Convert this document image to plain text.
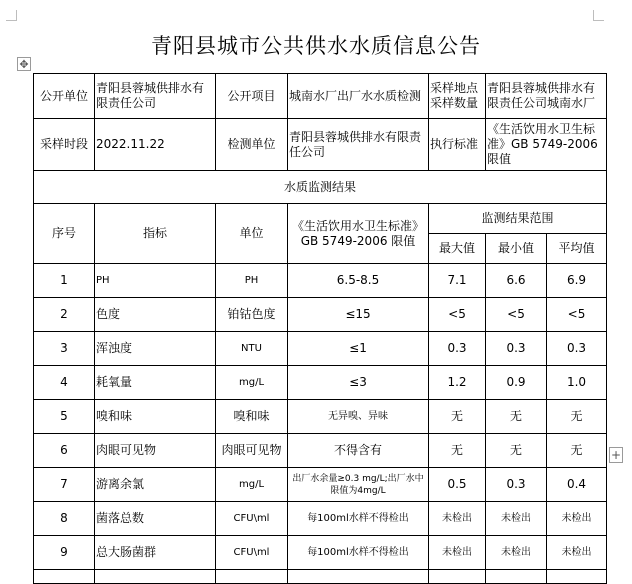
✥
+
青阳县城市公共供水水质信息公告
公开单位	青阳县蓉城供排水有限责任公司	公开项目	城南水厂出厂水水质检测	采样地点采样数量	青阳县蓉城供排水有限责任公司城南水厂	
采样时段	2022.11.22	检测单位	青阳县蓉城供排水有限责任公司	执行标准	《生活饮用水卫生标准》GB 5749-2006 限值	
水质监测结果						
序号	指标	单位	《生活饮用水卫生标准》GB 5749-2006 限值	监测结果范围		
				最大值	最小值	平均值
1	PH	PH	6.5-8.5	7.1	6.6	6.9
2	色度	铂钴色度	≤15	<5	<5	<5
3	浑浊度	NTU	≤1	0.3	0.3	0.3
4	耗氧量	mg/L	≤3	1.2	0.9	1.0
5	嗅和味	嗅和味	无异嗅、异味	无	无	无
6	肉眼可见物	肉眼可见物	不得含有	无	无	无
7	游离余氯	mg/L	出厂水余量≥0.3 mg/L;出厂水中限值为4mg/L	0.5	0.3	0.4
8	菌落总数	CFU\ml	每100ml水样不得检出	未检出	未检出	未检出
9	总大肠菌群	CFU\ml	每100ml水样不得检出	未检出	未检出	未检出
